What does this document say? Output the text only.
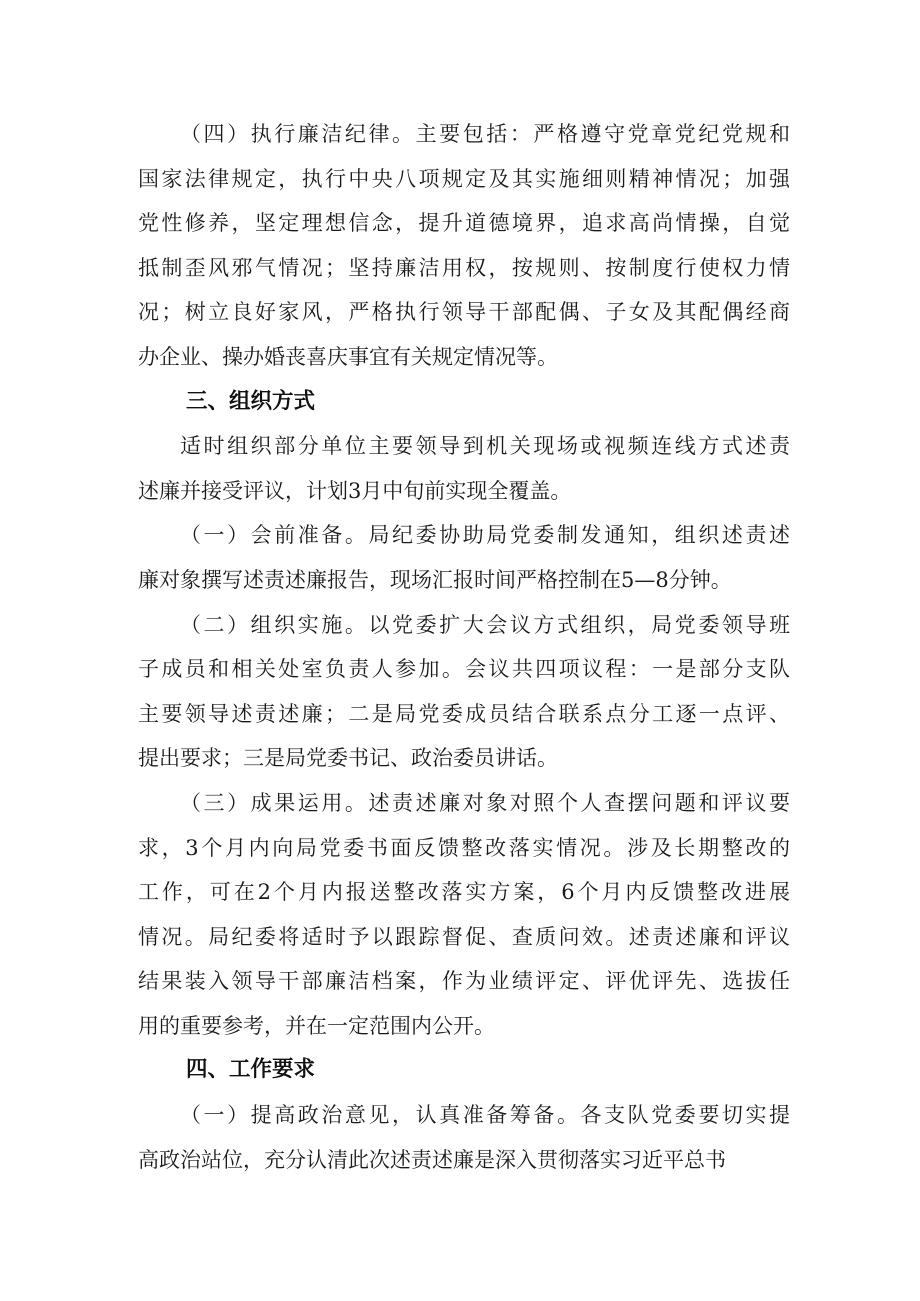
（四）执行廉洁纪律。主要包括：严格遵守党章党纪党规和
国家法律规定，执行中央八项规定及其实施细则精神情况；加强
党性修养，坚定理想信念，提升道德境界，追求高尚情操，自觉
抵制歪风邪气情况；坚持廉洁用权，按规则、按制度行使权力情
况；树立良好家风，严格执行领导干部配偶、子女及其配偶经商
办企业、操办婚丧喜庆事宜有关规定情况等。
三、组织方式
适时组织部分单位主要领导到机关现场或视频连线方式述责
述廉并接受评议，计划3月中旬前实现全覆盖。
（一）会前准备。局纪委协助局党委制发通知，组织述责述
廉对象撰写述责述廉报告，现场汇报时间严格控制在5—8分钟。
（二）组织实施。以党委扩大会议方式组织，局党委领导班
子成员和相关处室负责人参加。会议共四项议程：一是部分支队
主要领导述责述廉；二是局党委成员结合联系点分工逐一点评、
提出要求；三是局党委书记、政治委员讲话。
（三）成果运用。述责述廉对象对照个人查摆问题和评议要
求，3个月内向局党委书面反馈整改落实情况。涉及长期整改的
工作，可在2个月内报送整改落实方案，6个月内反馈整改进展
情况。局纪委将适时予以跟踪督促、查质问效。述责述廉和评议
结果装入领导干部廉洁档案，作为业绩评定、评优评先、选拔任
用的重要参考，并在一定范围内公开。
四、工作要求
（一）提高政治意见，认真准备筹备。各支队党委要切实提
高政治站位，充分认清此次述责述廉是深入贯彻落实习近平总书
